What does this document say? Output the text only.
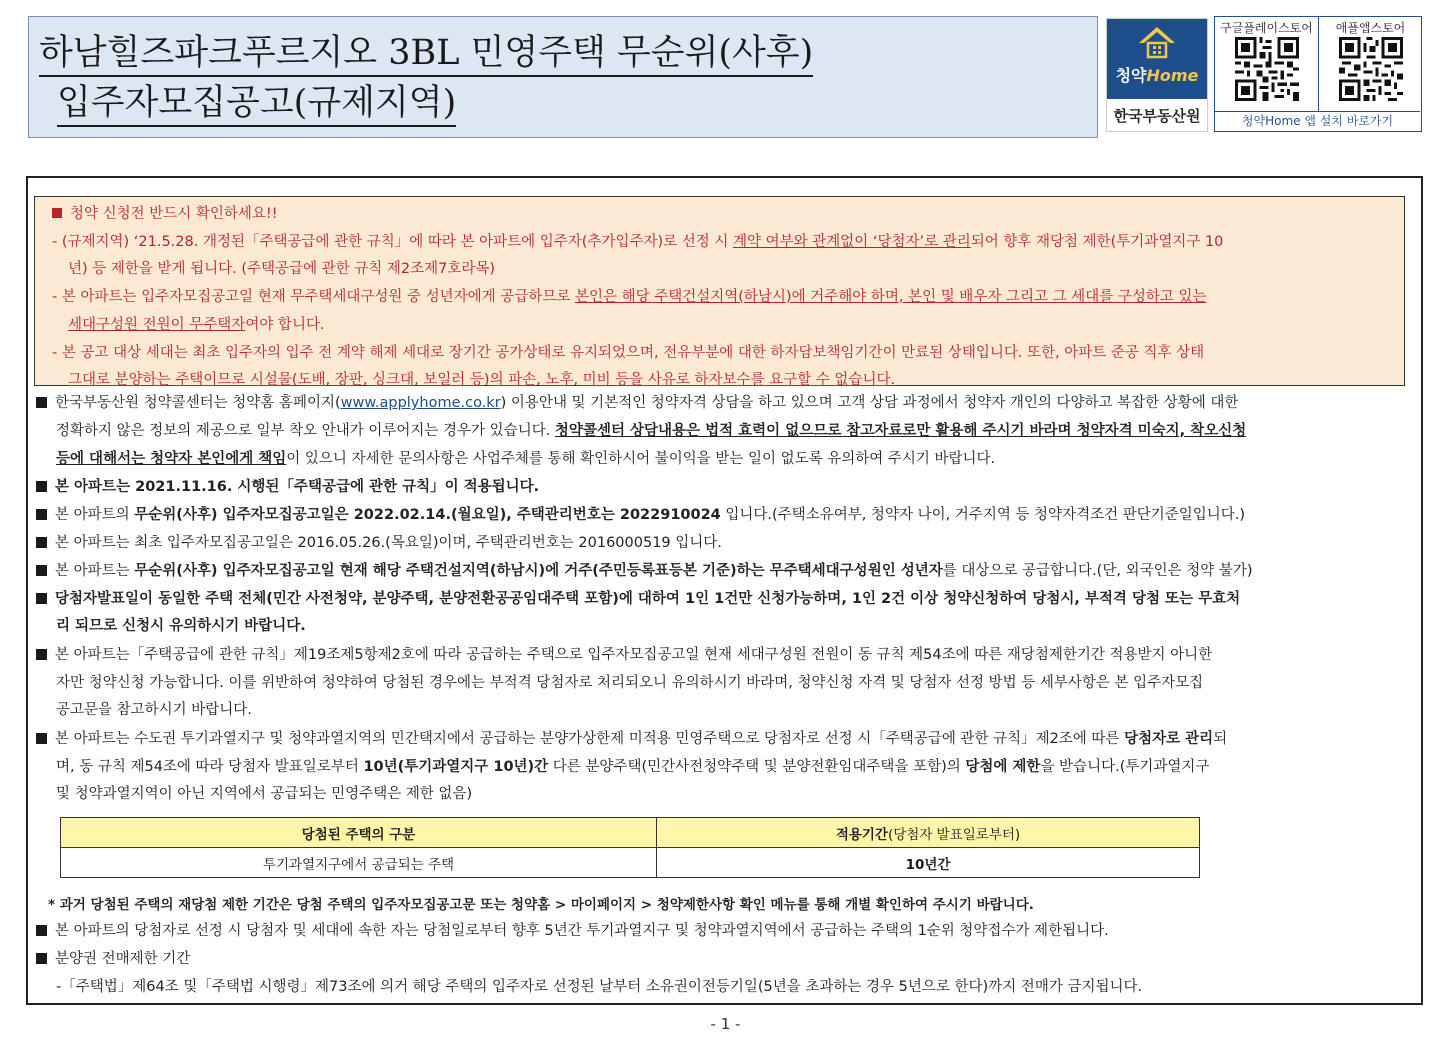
하남힐즈파크푸르지오 3BL 민영주택 무순위(사후)
입주자모집공고(규제지역)
청약Home
한국부동산원
구글플레이스토어	애플앱스토어
청약Home 앱 설치 바로가기
청약 신청전 반드시 확인하세요!!
- (규제지역) ‘21.5.28. 개정된「주택공급에 관한 규칙」에 따라 본 아파트에 입주자(추가입주자)로 선정 시 계약 여부와 관계없이 ‘당첨자’로 관리되어 향후 재당첨 제한(투기과열지구 10
년) 등 제한을 받게 됩니다. (주택공급에 관한 규칙 제2조제7호라목)
- 본 아파트는 입주자모집공고일 현재 무주택세대구성원 중 성년자에게 공급하므로 본인은 해당 주택건설지역(하남시)에 거주해야 하며, 본인 및 배우자 그리고 그 세대를 구성하고 있는
세대구성원 전원이 무주택자여야 합니다.
- 본 공고 대상 세대는 최초 입주자의 입주 전 계약 해제 세대로 장기간 공가상태로 유지되었으며, 전유부분에 대한 하자담보책임기간이 만료된 상태입니다. 또한, 아파트 준공 직후 상태
그대로 분양하는 주택이므로 시설물(도배, 장판, 싱크대, 보일러 등)의 파손, 노후, 미비 등을 사유로 하자보수를 요구할 수 없습니다.
한국부동산원 청약콜센터는 청약홈 홈페이지(www.applyhome.co.kr) 이용안내 및 기본적인 청약자격 상담을 하고 있으며 고객 상담 과정에서 청약자 개인의 다양하고 복잡한 상황에 대한
정확하지 않은 정보의 제공으로 일부 착오 안내가 이루어지는 경우가 있습니다. 청약콜센터 상담내용은 법적 효력이 없으므로 참고자료로만 활용해 주시기 바라며 청약자격 미숙지, 착오신청
등에 대해서는 청약자 본인에게 책임이 있으니 자세한 문의사항은 사업주체를 통해 확인하시어 불이익을 받는 일이 없도록 유의하여 주시기 바랍니다.
본 아파트는 2021.11.16. 시행된「주택공급에 관한 규칙」이 적용됩니다.
본 아파트의 무순위(사후) 입주자모집공고일은 2022.02.14.(월요일), 주택관리번호는 2022910024 입니다.(주택소유여부, 청약자 나이, 거주지역 등 청약자격조건 판단기준일입니다.)
본 아파트는 최초 입주자모집공고일은 2016.05.26.(목요일)이며, 주택관리번호는 2016000519 입니다.
본 아파트는 무순위(사후) 입주자모집공고일 현재 해당 주택건설지역(하남시)에 거주(주민등록표등본 기준)하는 무주택세대구성원인 성년자를 대상으로 공급합니다.(단, 외국인은 청약 불가)
당첨자발표일이 동일한 주택 전체(민간 사전청약, 분양주택, 분양전환공공임대주택 포함)에 대하여 1인 1건만 신청가능하며, 1인 2건 이상 청약신청하여 당첨시, 부적격 당첨 또는 무효처
리 되므로 신청시 유의하시기 바랍니다.
본 아파트는「주택공급에 관한 규칙」제19조제5항제2호에 따라 공급하는 주택으로 입주자모집공고일 현재 세대구성원 전원이 동 규칙 제54조에 따른 재당첨제한기간 적용받지 아니한
자만 청약신청 가능합니다. 이를 위반하여 청약하여 당첨된 경우에는 부적격 당첨자로 처리되오니 유의하시기 바라며, 청약신청 자격 및 당첨자 선정 방법 등 세부사항은 본 입주자모집
공고문을 참고하시기 바랍니다.
본 아파트는 수도권 투기과열지구 및 청약과열지역의 민간택지에서 공급하는 분양가상한제 미적용 민영주택으로 당첨자로 선정 시「주택공급에 관한 규칙」제2조에 따른 당첨자로 관리되
며, 동 규칙 제54조에 따라 당첨자 발표일로부터 10년(투기과열지구 10년)간 다른 분양주택(민간사전청약주택 및 분양전환임대주택을 포함)의 당첨에 제한을 받습니다.(투기과열지구
및 청약과열지역이 아닌 지역에서 공급되는 민영주택은 제한 없음)
당첨된 주택의 구분	적용기간(당첨자 발표일로부터)
투기과열지구에서 공급되는 주택	10년간
* 과거 당첨된 주택의 재당첨 제한 기간은 당첨 주택의 입주자모집공고문 또는 청약홈 > 마이페이지 > 청약제한사항 확인 메뉴를 통해 개별 확인하여 주시기 바랍니다.
본 아파트의 당첨자로 선정 시 당첨자 및 세대에 속한 자는 당첨일로부터 향후 5년간 투기과열지구 및 청약과열지역에서 공급하는 주택의 1순위 청약접수가 제한됩니다.
분양권 전매제한 기간
-「주택법」제64조 및「주택법 시행령」제73조에 의거 해당 주택의 입주자로 선정된 날부터 소유권이전등기일(5년을 초과하는 경우 5년으로 한다)까지 전매가 금지됩니다.
- 1 -
